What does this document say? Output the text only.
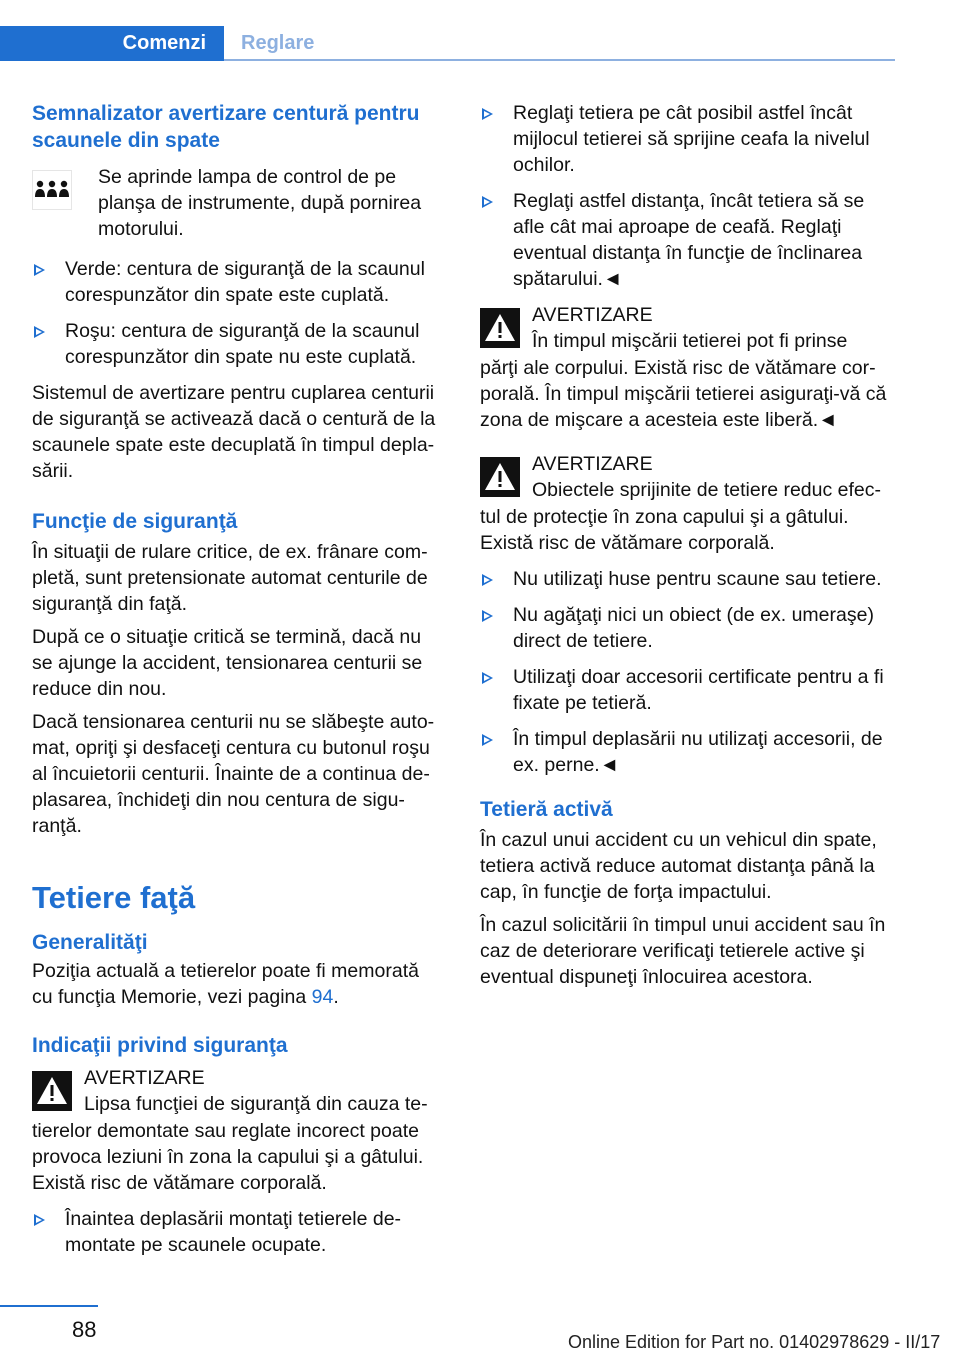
Comenzi	Reglare
Semnalizator avertizare centură pentru scaunele din spate
Se aprinde lampa de control de pe planşa de instrumente, după pornirea motorului.
Verde: centura de siguranţă de la scaunul corespunzător din spate este cuplată.
Roşu: centura de siguranţă de la scaunul corespunzător din spate nu este cuplată.

Sistemul de avertizare pentru cuplarea centurii de siguranţă se activează dacă o centură de la scaunele spate este decuplată în timpul depla‐sării.

Funcţie de siguranţă

În situaţii de rulare critice, de ex. frânare com‐pletă, sunt pretensionate automat centurile de siguranţă din faţă.

După ce o situaţie critică se termină, dacă nu se ajunge la accident, tensionarea centurii se reduce din nou.

Dacă tensionarea centurii nu se slăbeşte auto‐mat, opriţi şi desfaceţi centura cu butonul roşu al încuietorii centurii. Înainte de a continua de‐plasarea, închideţi din nou centura de sigu‐ranţă.

Tetiere faţă
Generalităţi

Poziţia actuală a tetierelor poate fi memorată cu funcţia Memorie, vezi pagina 94.

Indicaţii privind siguranţa
AVERTIZARE
Lipsa funcţiei de siguranţă din cauza te‐

tierelor demontate sau reglate incorect poate provoca leziuni în zona la capului şi a gâtului. Există risc de vătămare corporală.

Înaintea deplasării montaţi tetierele de‐montate pe scaunele ocupate.
Reglaţi tetiera pe cât posibil astfel încât mijlocul tetierei să sprijine ceafa la nivelul ochilor.
Reglaţi astfel distanţa, încât tetiera să se afle cât mai aproape de ceafă. Reglaţi eventual distanţa în funcţie de înclinarea spătarului.◄
AVERTIZARE
În timpul mişcării tetierei pot fi prinse

părţi ale corpului. Există risc de vătămare cor‐porală. În timpul mişcării tetierei asiguraţi-vă că zona de mişcare a acesteia este liberă.◄

AVERTIZARE
Obiectele sprijinite de tetiere reduc efec‐

tul de protecţie în zona capului şi a gâtului. Există risc de vătămare corporală.

Nu utilizaţi huse pentru scaune sau tetiere.
Nu agăţaţi nici un obiect (de ex. umeraşe) direct de tetiere.
Utilizaţi doar accesorii certificate pentru a fi fixate pe tetieră.
În timpul deplasării nu utilizaţi accesorii, de ex. perne.◄
Tetieră activă

În cazul unui accident cu un vehicul din spate, tetiera activă reduce automat distanţa până la cap, în funcţie de forţa impactului.

În cazul solicitării în timpul unui accident sau în caz de deteriorare verificaţi tetierele active şi eventual dispuneţi înlocuirea acestora.

88	Online Edition for Part no. 01402978629 - II/17
